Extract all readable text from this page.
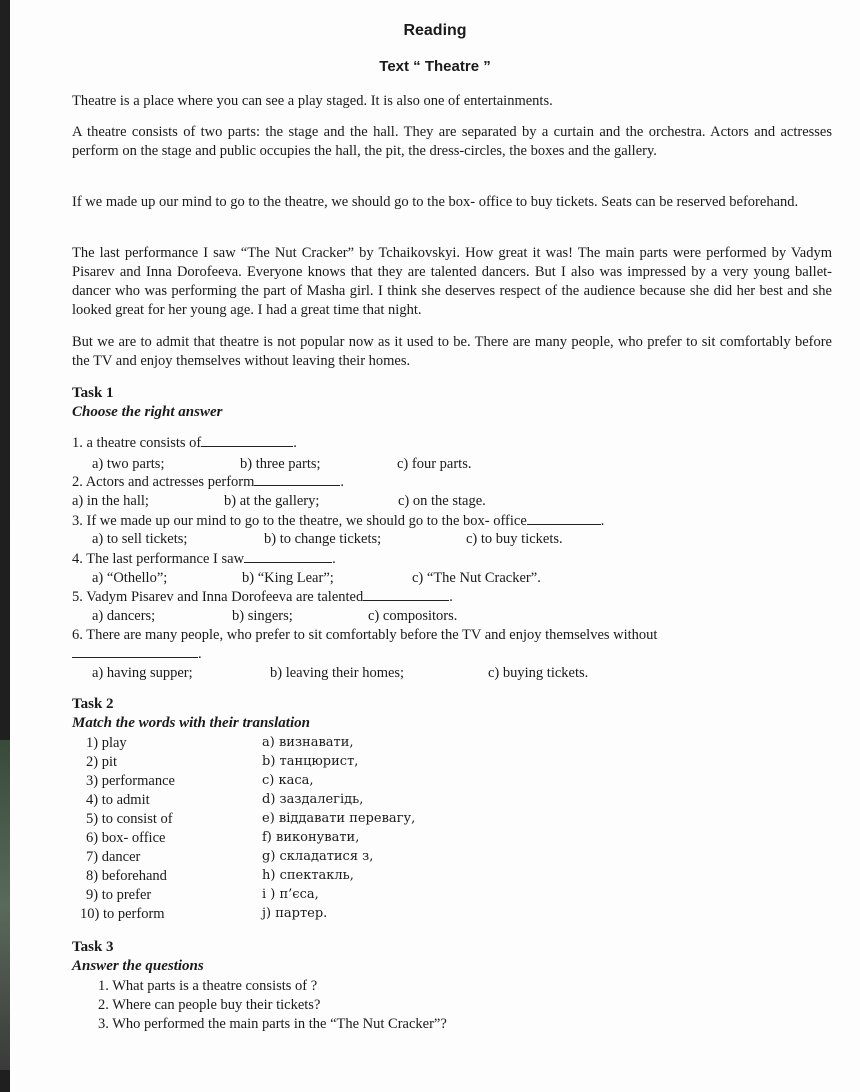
Reading
Text “ Theatre ”
Theatre is a place where you can see a play staged. It is also one of entertainments.
A theatre consists of two parts: the stage and the hall. They are separated by a curtain and the orchestra. Actors and actresses perform on the stage and public occupies the hall, the pit, the dress-circles, the boxes and the gallery.
If we made up our mind to go to the theatre, we should go to the box- office to buy tickets. Seats can be reserved beforehand.
The last performance I saw “The Nut Cracker” by Tchaikovskyi. How great it was! The main parts were performed by Vadym Pisarev and Inna Dorofeeva. Everyone knows that they are talented dancers. But I also was impressed by a very young ballet-dancer who was performing the part of Masha girl. I think she deserves respect of the audience because she did her best and she looked great for her young age. I had a great time that night.
But we are to admit that theatre is not popular now as it used to be. There are many people, who prefer to sit comfortably before the TV and enjoy themselves without leaving their homes.
Task 1
Choose the right answer
1. a theatre consists of	.
a) two parts;	b) three parts;	c) four parts.
2. Actors and actresses perform	.
a) in the hall;	b) at the gallery;	c) on the stage.
3. If we made up our mind to go to the theatre, we should go to the box- office	.
a) to sell tickets;	b) to change tickets;	c) to buy tickets.
4. The last performance I saw	.
a) “Othello”;	b) “King Lear”;	c) “The Nut Cracker”.
5. Vadym Pisarev and Inna Dorofeeva are talented	.
a) dancers;	b) singers;	c) compositors.
6. There are many people, who prefer to sit comfortably before the TV and enjoy themselves without
.
a) having supper;	b) leaving their homes;	c) buying tickets.
Task 2
Match the words with their translation
1) play	a) визнавати,
2) pit	b) танцюрист,
3) performance	c) каса,
4) to admit	d) заздалегідь,
5) to consist of	e) віддавати перевагу,
6) box- office	f) виконувати,
7) dancer	g) складатися з,
8) beforehand	h) спектакль,
9) to prefer	i ) п’єса,
10) to perform	j) партер.
Task 3
Answer the questions
1. What parts is a theatre consists of ?
2. Where can people buy their tickets?
3. Who performed the main parts in the “The Nut Cracker”?
